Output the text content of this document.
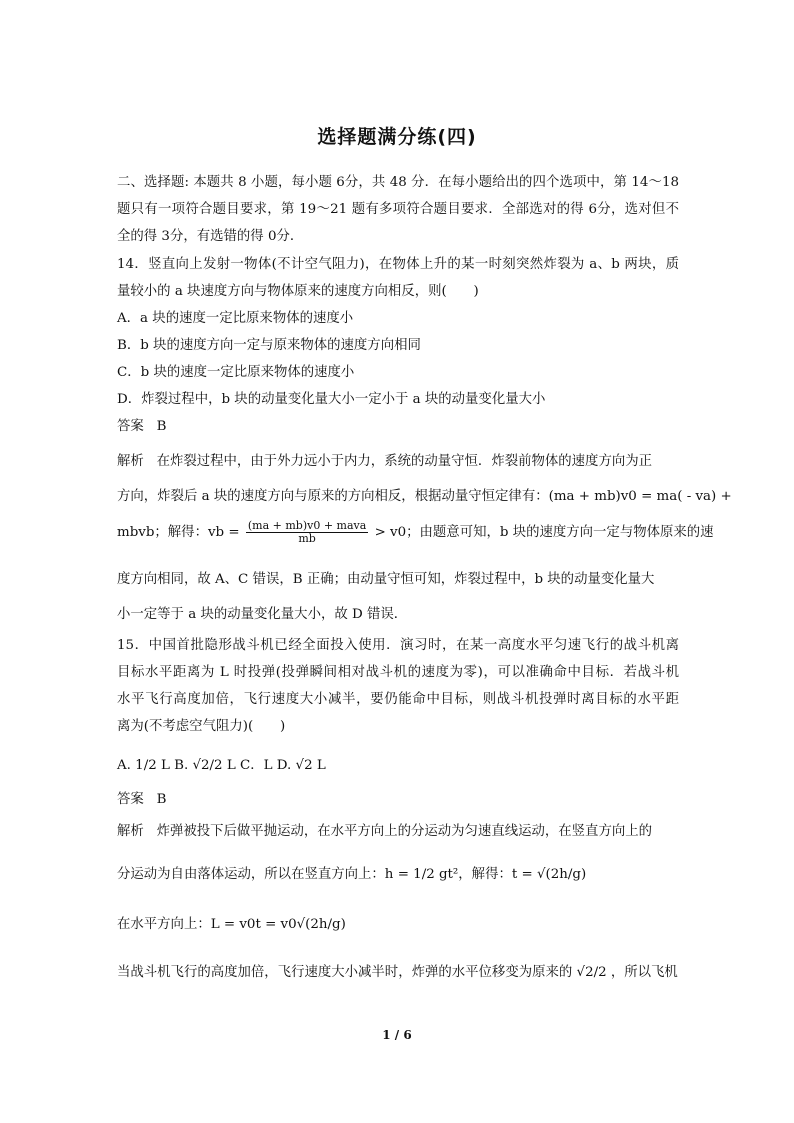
选择题满分练(四)
二、选择题: 本题共 8 小题，每小题 6分，共 48 分．在每小题给出的四个选项中，第 14～18
题只有一项符合题目要求，第 19～21 题有多项符合题目要求．全部选对的得 6分，选对但不
全的得 3分，有选错的得 0分．
14．竖直向上发射一物体(不计空气阻力)，在物体上升的某一时刻突然炸裂为 a、b 两块，质
量较小的 a 块速度方向与物体原来的速度方向相反，则(　　)
A．a 块的速度一定比原来物体的速度小
B．b 块的速度方向一定与原来物体的速度方向相同
C．b 块的速度一定比原来物体的速度小
D．炸裂过程中，b 块的动量变化量大小一定小于 a 块的动量变化量大小
答案 B
解析 在炸裂过程中，由于外力远小于内力，系统的动量守恒．炸裂前物体的速度方向为正
方向，炸裂后 a 块的速度方向与原来的方向相反，根据动量守恒定律有：(ma + mb)v0 = ma( - va) +
mbvb；解得：vb = $\frac{\text{(ma + mb)v0 + mava}}{mb} > v0$；由题意可知，b 块的速度方向一定与物体原来的速
度方向相同，故 A、C 错误，B 正确；由动量守恒可知，炸裂过程中，b 块的动量变化量大
小一定等于 a 块的动量变化量大小，故 D 错误．
15．中国首批隐形战斗机已经全面投入使用．演习时，在某一高度水平匀速飞行的战斗机离
目标水平距离为 L 时投弹(投弹瞬间相对战斗机的速度为零)，可以准确命中目标．若战斗机
水平飞行高度加倍，飞行速度大小减半，要仍能命中目标，则战斗机投弹时离目标的水平距
离为(不考虑空气阻力)(　　)
A. 1/2 L B. √2/2 L C．L D. √2 L
答案 B
解析 炸弹被投下后做平抛运动，在水平方向上的分运动为匀速直线运动，在竖直方向上的
分运动为自由落体运动，所以在竖直方向上：h = 1/2 gt²，解得：t = √(2h/g)
在水平方向上：L = v0t = v0√(2h/g)
当战斗机飞行的高度加倍，飞行速度大小减半时，炸弹的水平位移变为原来的 √2/2 ，所以飞机
1 / 6
